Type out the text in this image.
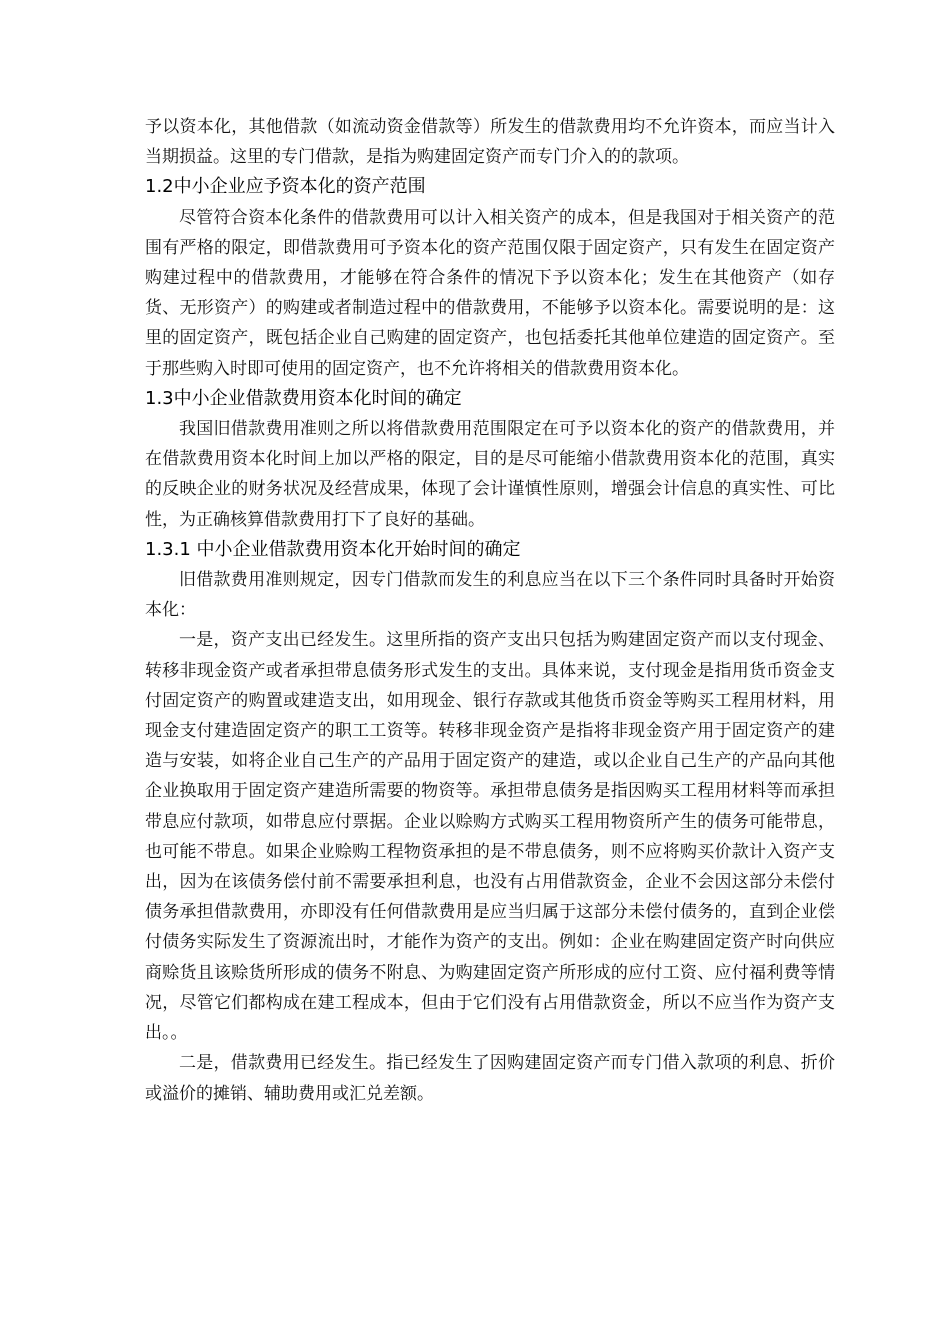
予以资本化，其他借款（如流动资金借款等）所发生的借款费用均不允许资本，而应当计入当期损益。这里的专门借款，是指为购建固定资产而专门介入的的款项。

1.2中小企业应予资本化的资产范围

尽管符合资本化条件的借款费用可以计入相关资产的成本，但是我国对于相关资产的范围有严格的限定，即借款费用可予资本化的资产范围仅限于固定资产，只有发生在固定资产购建过程中的借款费用，才能够在符合条件的情况下予以资本化；发生在其他资产（如存货、无形资产）的购建或者制造过程中的借款费用，不能够予以资本化。需要说明的是：这里的固定资产，既包括企业自己购建的固定资产，也包括委托其他单位建造的固定资产。至于那些购入时即可使用的固定资产，也不允许将相关的借款费用资本化。

1.3中小企业借款费用资本化时间的确定

我国旧借款费用准则之所以将借款费用范围限定在可予以资本化的资产的借款费用，并在借款费用资本化时间上加以严格的限定，目的是尽可能缩小借款费用资本化的范围，真实的反映企业的财务状况及经营成果，体现了会计谨慎性原则，增强会计信息的真实性、可比性，为正确核算借款费用打下了良好的基础。

1.3.1 中小企业借款费用资本化开始时间的确定

旧借款费用准则规定，因专门借款而发生的利息应当在以下三个条件同时具备时开始资本化：

一是，资产支出已经发生。这里所指的资产支出只包括为购建固定资产而以支付现金、转移非现金资产或者承担带息债务形式发生的支出。具体来说，支付现金是指用货币资金支付固定资产的购置或建造支出，如用现金、银行存款或其他货币资金等购买工程用材料，用现金支付建造固定资产的职工工资等。转移非现金资产是指将非现金资产用于固定资产的建造与安装，如将企业自己生产的产品用于固定资产的建造，或以企业自己生产的产品向其他企业换取用于固定资产建造所需要的物资等。承担带息债务是指因购买工程用材料等而承担带息应付款项，如带息应付票据。企业以赊购方式购买工程用物资所产生的债务可能带息，也可能不带息。如果企业赊购工程物资承担的是不带息债务，则不应将购买价款计入资产支出，因为在该债务偿付前不需要承担利息，也没有占用借款资金，企业不会因这部分未偿付债务承担借款费用，亦即没有任何借款费用是应当归属于这部分未偿付债务的，直到企业偿付债务实际发生了资源流出时，才能作为资产的支出。例如：企业在购建固定资产时向供应商赊货且该赊货所形成的债务不附息、为购建固定资产所形成的应付工资、应付福利费等情况，尽管它们都构成在建工程成本，但由于它们没有占用借款资金，所以不应当作为资产支出。。

二是，借款费用已经发生。指已经发生了因购建固定资产而专门借入款项的利息、折价或溢价的摊销、辅助费用或汇兑差额。
